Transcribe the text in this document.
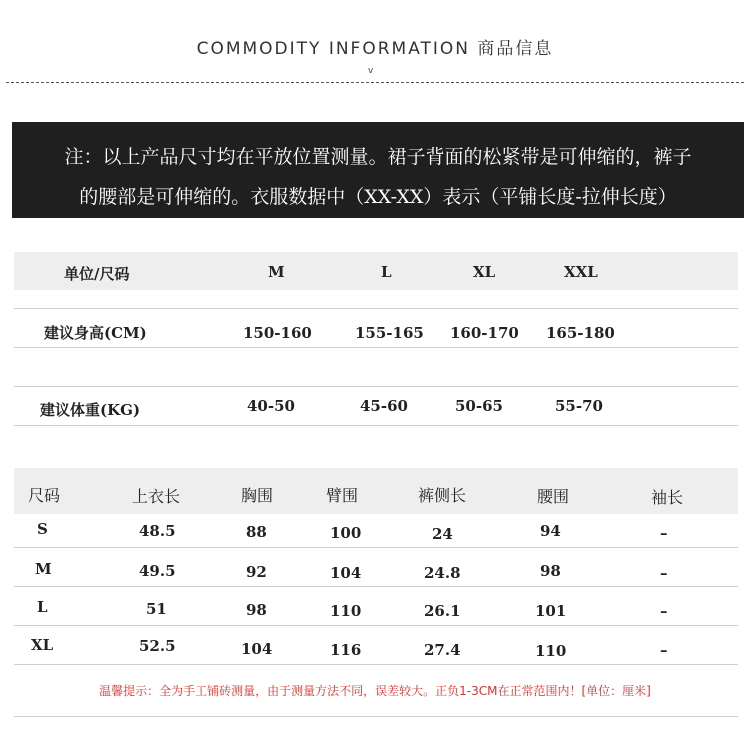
COMMODITY INFORMATION 商品信息
v
注：以上产品尺寸均在平放位置测量。裙子背面的松紧带是可伸缩的，裤子
的腰部是可伸缩的。衣服数据中（XX-XX）表示（平铺长度-拉伸长度）
单位/尺码	M	L	XL	XXL
建议身高(CM)	150-160	155-165 160-170 165-180
建议体重(KG)	40-50	45-60	50-65	55-70
尺码	上衣长	胸围	臂围	裤侧长	腰围	袖长
S	48.5	88	100	24	94	–
M	49.5	92	104	24.8	98	–
L	51	98	110	26.1	101	–
XL	52.5	104	116	27.4	110	–
温馨提示：全为手工铺砖测量，由于测量方法不同，误差较大。正负1-3CM在正常范围内！[单位：厘米]
